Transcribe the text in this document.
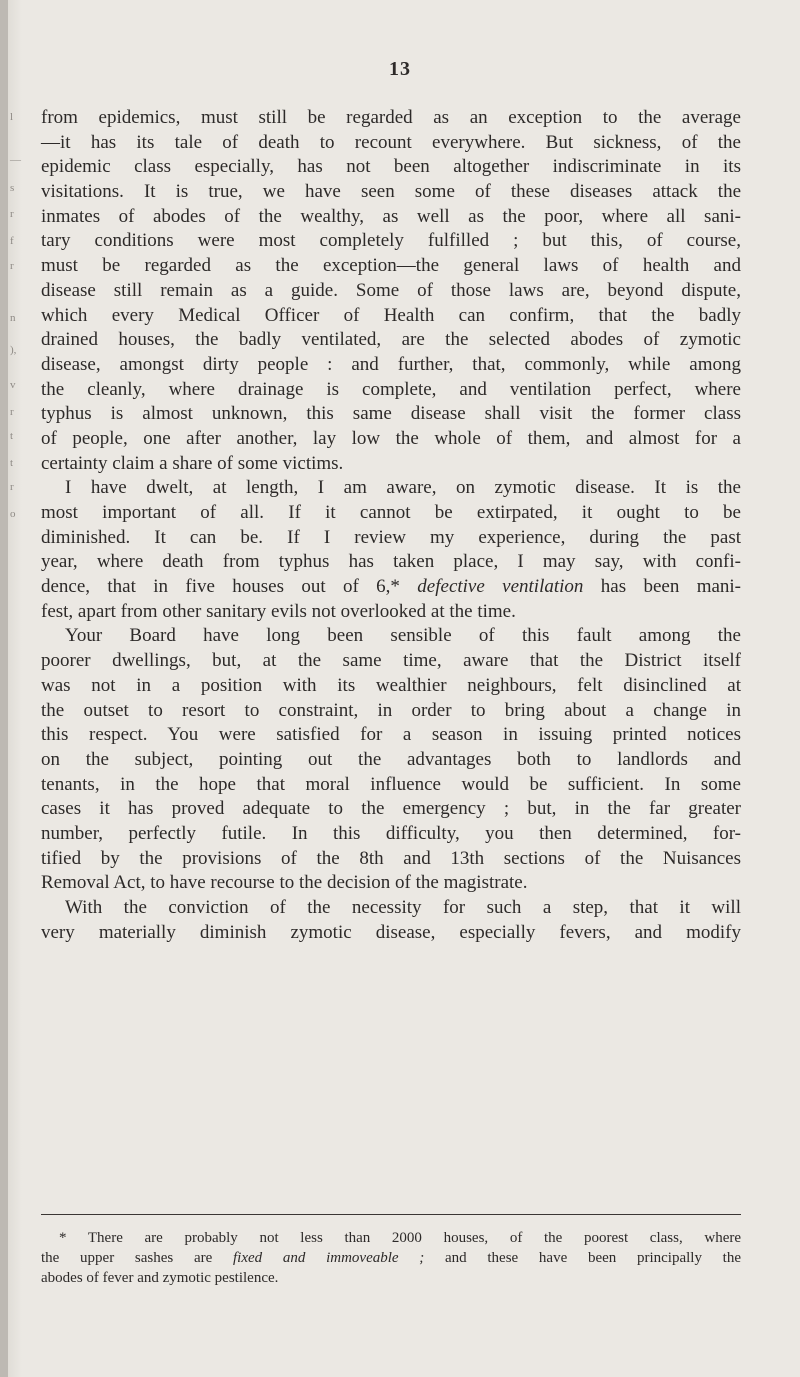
l
—
s
r
f
r
n
),
v
r
t
t
r
o
13
from epidemics, must still be regarded as an exception to the average
—it has its tale of death to recount everywhere. But sickness, of the
epidemic class especially, has not been altogether indiscriminate in its
visitations. It is true, we have seen some of these diseases attack the
inmates of abodes of the wealthy, as well as the poor, where all sani-
tary conditions were most completely fulfilled ; but this, of course,
must be regarded as the exception—the general laws of health and
disease still remain as a guide. Some of those laws are, beyond dispute,
which every Medical Officer of Health can confirm, that the badly
drained houses, the badly ventilated, are the selected abodes of zymotic
disease, amongst dirty people : and further, that, commonly, while among
the cleanly, where drainage is complete, and ventilation perfect, where
typhus is almost unknown, this same disease shall visit the former class
of people, one after another, lay low the whole of them, and almost for a
certainty claim a share of some victims.
I have dwelt, at length, I am aware, on zymotic disease. It is the
most important of all. If it cannot be extirpated, it ought to be
diminished. It can be. If I review my experience, during the past
year, where death from typhus has taken place, I may say, with confi-
dence, that in five houses out of 6,* defective ventilation has been mani-
fest, apart from other sanitary evils not overlooked at the time.
Your Board have long been sensible of this fault among the
poorer dwellings, but, at the same time, aware that the District itself
was not in a position with its wealthier neighbours, felt disinclined at
the outset to resort to constraint, in order to bring about a change in
this respect. You were satisfied for a season in issuing printed notices
on the subject, pointing out the advantages both to landlords and
tenants, in the hope that moral influence would be sufficient. In some
cases it has proved adequate to the emergency ; but, in the far greater
number, perfectly futile. In this difficulty, you then determined, for-
tified by the provisions of the 8th and 13th sections of the Nuisances
Removal Act, to have recourse to the decision of the magistrate.
With the conviction of the necessity for such a step, that it will
very materially diminish zymotic disease, especially fevers, and modify
* There are probably not less than 2000 houses, of the poorest class, where
the upper sashes are fixed and immoveable ; and these have been principally the
abodes of fever and zymotic pestilence.
